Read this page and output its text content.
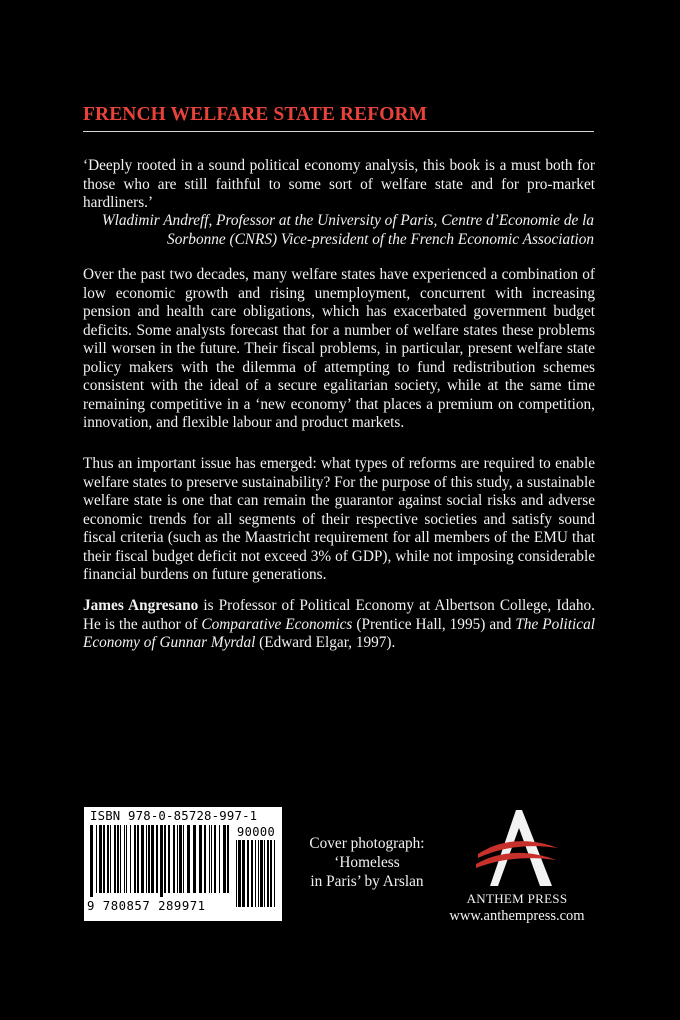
FRENCH WELFARE STATE REFORM
‘Deeply rooted in a sound political economy analysis, this book is a must both for those who are still faithful to some sort of welfare state and for pro-market hardliners.’
Wladimir Andreff, Professor at the University of Paris, Centre d’Economie de la
Sorbonne (CNRS) Vice-president of the French Economic Association
Over the past two decades, many welfare states have experienced a combination of low economic growth and rising unemployment, concurrent with increasing pension and health care obligations, which has exacerbated government budget deficits. Some analysts forecast that for a number of welfare states these problems will worsen in the future. Their fiscal problems, in particular, present welfare state policy makers with the dilemma of attempting to fund redistribution schemes consistent with the ideal of a secure egalitarian society, while at the same time remaining competitive in a ‘new economy’ that places a premium on competition, innovation, and flexible labour and product markets.
Thus an important issue has emerged: what types of reforms are required to enable welfare states to preserve sustainability? For the purpose of this study, a sustainable welfare state is one that can remain the guarantor against social risks and adverse economic trends for all segments of their respective societies and satisfy sound fiscal criteria (such as the Maastricht requirement for all members of the EMU that their fiscal budget deficit not exceed 3% of GDP), while not imposing considerable financial burdens on future generations.
James Angresano is Professor of Political Economy at Albertson College, Idaho. He is the author of Comparative Economics (Prentice Hall, 1995) and The Political Economy of Gunnar Myrdal (Edward Elgar, 1997).
ISBN 978-0-85728-997-1
90000
9 780857 289971
Cover photograph:
‘Homeless
in Paris’ by Arslan
ANTHEM PRESS
www.anthempress.com
